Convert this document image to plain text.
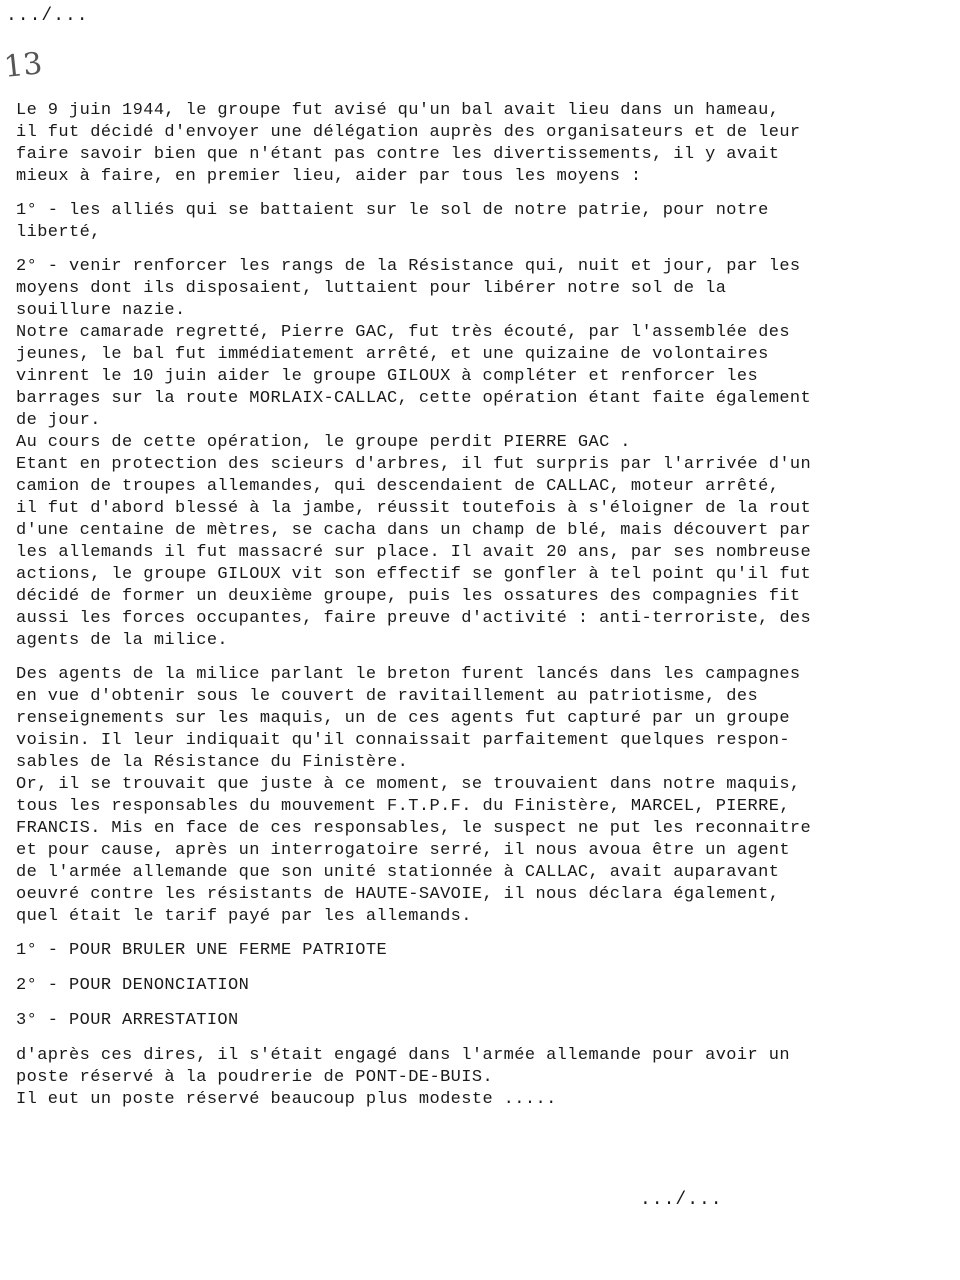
.../...
13
Le 9 juin 1944, le groupe fut avisé qu'un bal avait lieu dans un hameau,
il fut décidé d'envoyer une délégation auprès des organisateurs et de leur
faire savoir bien que n'étant pas contre les divertissements, il y avait
mieux à faire, en premier lieu, aider par tous les moyens :
1° - les alliés qui se battaient sur le sol de notre patrie, pour notre
liberté,
2° - venir renforcer les rangs de la Résistance qui, nuit et jour, par les
moyens dont ils disposaient, luttaient pour libérer notre sol de la
souillure nazie.
Notre camarade regretté, Pierre GAC, fut très écouté, par l'assemblée des
jeunes, le bal fut immédiatement arrêté, et une quizaine de volontaires
vinrent le 10 juin aider le groupe GILOUX à compléter et renforcer les
barrages sur la route MORLAIX-CALLAC, cette opération étant faite également
de jour.
Au cours de cette opération, le groupe perdit PIERRE GAC .
Etant en protection des scieurs d'arbres, il fut surpris par l'arrivée d'un
camion de troupes allemandes, qui descendaient de CALLAC, moteur arrêté,
il fut d'abord blessé à la jambe, réussit toutefois à s'éloigner de la rout
d'une centaine de mètres, se cacha dans un champ de blé, mais découvert par
les allemands il fut massacré sur place. Il avait 20 ans, par ses nombreuse
actions, le groupe GILOUX vit son effectif se gonfler à tel point qu'il fut
décidé de former un deuxième groupe, puis les ossatures des compagnies fit
aussi les forces occupantes, faire preuve d'activité : anti-terroriste, des
agents de la milice.
Des agents de la milice parlant le breton furent lancés dans les campagnes
en vue d'obtenir sous le couvert de ravitaillement au patriotisme, des
renseignements sur les maquis, un de ces agents fut capturé par un groupe
voisin. Il leur indiquait qu'il connaissait parfaitement quelques respon-
sables de la Résistance du Finistère.
Or, il se trouvait que juste à ce moment, se trouvaient dans notre maquis,
tous les responsables du mouvement F.T.P.F. du Finistère, MARCEL, PIERRE,
FRANCIS. Mis en face de ces responsables, le suspect ne put les reconnaitre
et pour cause, après un interrogatoire serré, il nous avoua être un agent
de l'armée allemande que son unité stationnée à CALLAC, avait auparavant
oeuvré contre les résistants de HAUTE-SAVOIE, il nous déclara également,
quel était le tarif payé par les allemands.
1° - POUR BRULER UNE FERME PATRIOTE
2° - POUR DENONCIATION
3° - POUR ARRESTATION
d'après ces dires, il s'était engagé dans l'armée allemande pour avoir un
poste réservé à la poudrerie de PONT-DE-BUIS.
Il eut un poste réservé beaucoup plus modeste .....
.../...
